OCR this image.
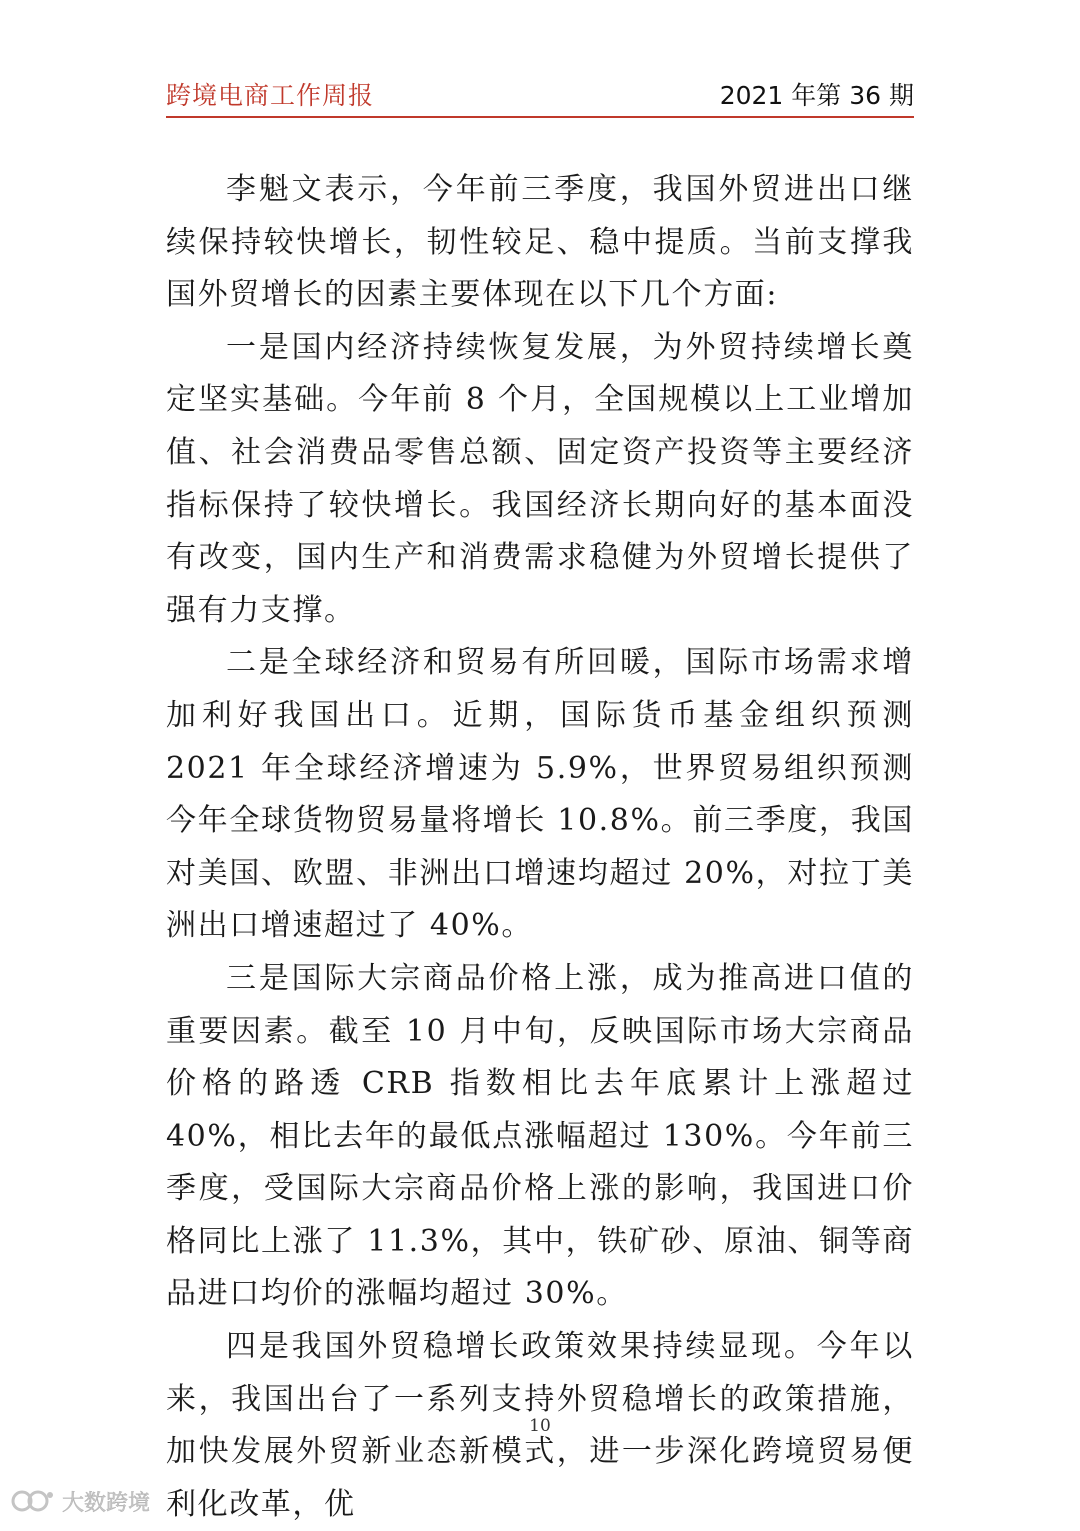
跨境电商工作周报	2021 年第 36 期

李魁文表示，今年前三季度，我国外贸进出口继续保持较快增长，韧性较足、稳中提质。当前支撑我国外贸增长的因素主要体现在以下几个方面:

一是国内经济持续恢复发展，为外贸持续增长奠定坚实基础。今年前 8 个月，全国规模以上工业增加值、社会消费品零售总额、固定资产投资等主要经济指标保持了较快增长。我国经济长期向好的基本面没有改变，国内生产和消费需求稳健为外贸增长提供了强有力支撑。

二是全球经济和贸易有所回暖，国际市场需求增加利好我国出口。近期，国际货币基金组织预测 2021 年全球经济增速为 5.9%，世界贸易组织预测今年全球货物贸易量将增长 10.8%。前三季度，我国对美国、欧盟、非洲出口增速均超过 20%，对拉丁美洲出口增速超过了 40%。

三是国际大宗商品价格上涨，成为推高进口值的重要因素。截至 10 月中旬，反映国际市场大宗商品价格的路透 CRB 指数相比去年底累计上涨超过 40%，相比去年的最低点涨幅超过 130%。今年前三季度，受国际大宗商品价格上涨的影响，我国进口价格同比上涨了 11.3%，其中，铁矿砂、原油、铜等商品进口均价的涨幅均超过 30%。

四是我国外贸稳增长政策效果持续显现。今年以来，我国出台了一系列支持外贸稳增长的政策措施，加快发展外贸新业态新模式，进一步深化跨境贸易便利化改革，优

10
大数跨境
